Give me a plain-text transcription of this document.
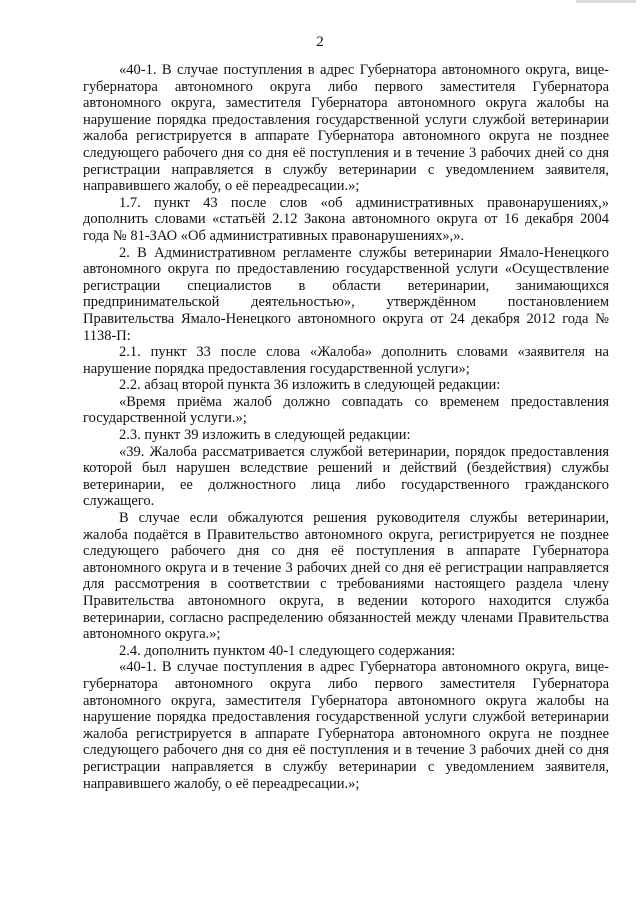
2

«40-1. В случае поступления в адрес Губернатора автономного округа, вице-губернатора автономного округа либо первого заместителя Губернатора автономного округа, заместителя Губернатора автономного округа жалобы на нарушение порядка предоставления государственной услуги службой ветеринарии жалоба регистрируется в аппарате Губернатора автономного округа не позднее следующего рабочего дня со дня её поступления и в течение 3 рабочих дней со дня регистрации направляется в службу ветеринарии с уведомлением заявителя, направившего жалобу, о её переадресации.»;

1.7. пункт 43 после слов «об административных правонарушениях,» дополнить словами «статьёй 2.12 Закона автономного округа от 16 декабря 2004 года № 81-ЗАО «Об административных правонарушениях»,».

2. В Административном регламенте службы ветеринарии Ямало-Ненецкого автономного округа по предоставлению государственной услуги «Осуществление регистрации специалистов в области ветеринарии, занимающихся предпринимательской деятельностью», утверждённом постановлением Правительства Ямало-Ненецкого автономного округа от 24 декабря 2012 года № 1138-П:

2.1. пункт 33 после слова «Жалоба» дополнить словами «заявителя на нарушение порядка предоставления государственной услуги»;

2.2. абзац второй пункта 36 изложить в следующей редакции:

«Время приёма жалоб должно совпадать со временем предоставления государственной услуги.»;

2.3. пункт 39 изложить в следующей редакции:

«39. Жалоба рассматривается службой ветеринарии, порядок предоставления которой был нарушен вследствие решений и действий (бездействия) службы ветеринарии, ее должностного лица либо государственного гражданского служащего.

В случае если обжалуются решения руководителя службы ветеринарии, жалоба подаётся в Правительство автономного округа, регистрируется не позднее следующего рабочего дня со дня её поступления в аппарате Губернатора автономного округа и в течение 3 рабочих дней со дня её регистрации направляется для рассмотрения в соответствии с требованиями настоящего раздела члену Правительства автономного округа, в ведении которого находится служба ветеринарии, согласно распределению обязанностей между членами Правительства автономного округа.»;

2.4. дополнить пунктом 40-1 следующего содержания:

«40-1. В случае поступления в адрес Губернатора автономного округа, вице-губернатора автономного округа либо первого заместителя Губернатора автономного округа, заместителя Губернатора автономного округа жалобы на нарушение порядка предоставления государственной услуги службой ветеринарии жалоба регистрируется в аппарате Губернатора автономного округа не позднее следующего рабочего дня со дня её поступления и в течение 3 рабочих дней со дня регистрации направляется в службу ветеринарии с уведомлением заявителя, направившего жалобу, о её переадресации.»;
